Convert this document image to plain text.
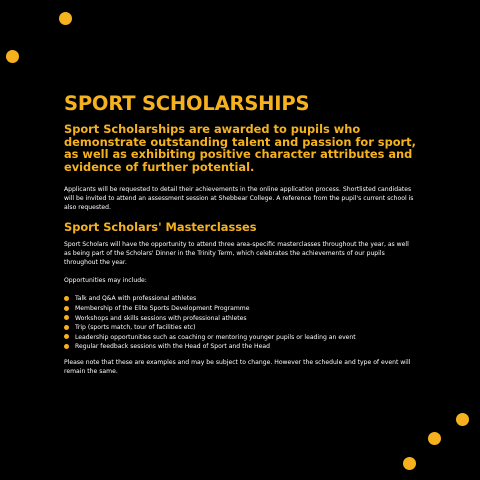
SPORT SCHOLARSHIPS

Sport Scholarships are awarded to pupils who demonstrate outstanding talent and passion for sport, as well as exhibiting positive character attributes and evidence of further potential.

Applicants will be requested to detail their achievements in the online application process. Shortlisted candidates will be invited to attend an assessment session at Shebbear College. A reference from the pupil's current school is also requested.

Sport Scholars' Masterclasses

Sport Scholars will have the opportunity to attend three area-specific masterclasses throughout the year, as well as being part of the Scholars' Dinner in the Trinity Term, which celebrates the achievements of our pupils throughout the year.

Opportunities may include:

Talk and Q&A with professional athletes
Membership of the Elite Sports Development Programme
Workshops and skills sessions with professional athletes
Trip (sports match, tour of facilities etc)
Leadership opportunities such as coaching or mentoring younger pupils or leading an event
Regular feedback sessions with the Head of Sport and the Head

Please note that these are examples and may be subject to change. However the schedule and type of event will remain the same.
